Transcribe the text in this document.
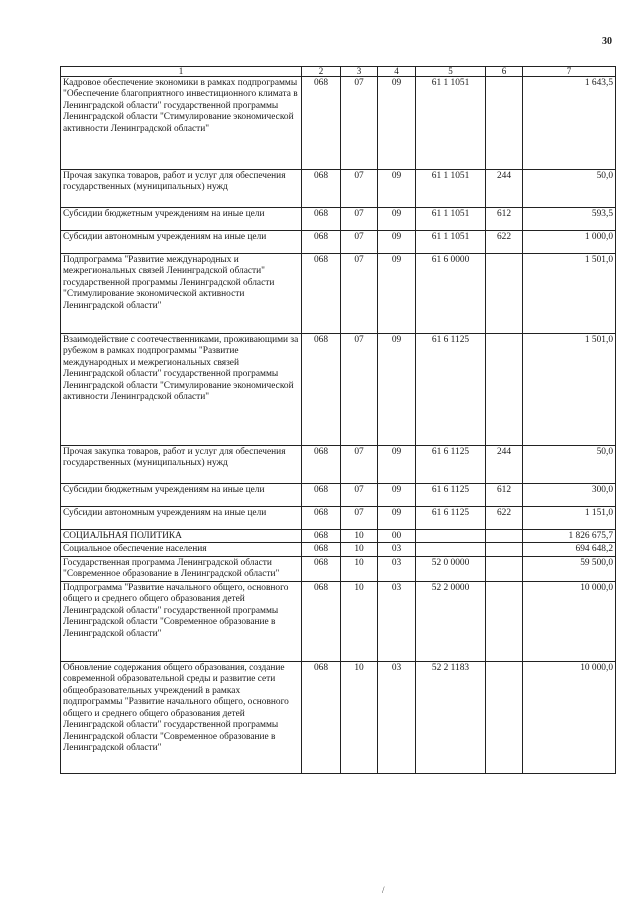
30
1	2	3	4	5	6	7
Кадровое обеспечение экономики в рамках подпрограммы "Обеспечение благоприятного инвестиционного климата в Ленинградской области" государственной программы Ленинградской области "Стимулирование экономической активности Ленинградской области"	068	07	09	61 1 1051		1 643,5
Прочая закупка товаров, работ и услуг для обеспечения государственных (муниципальных) нужд	068	07	09	61 1 1051	244	50,0
Субсидии бюджетным учреждениям на иные цели	068	07	09	61 1 1051	612	593,5
Субсидии автономным учреждениям на иные цели	068	07	09	61 1 1051	622	1 000,0
Подпрограмма "Развитие международных и межрегиональных связей Ленинградской области" государственной программы Ленинградской области "Стимулирование экономической активности Ленинградской области"	068	07	09	61 6 0000		1 501,0
Взаимодействие с соотечественниками, проживающими за рубежом в рамках подпрограммы "Развитие международных и межрегиональных связей Ленинградской области" государственной программы Ленинградской области "Стимулирование экономической активности Ленинградской области"	068	07	09	61 6 1125		1 501,0
Прочая закупка товаров, работ и услуг для обеспечения государственных (муниципальных) нужд	068	07	09	61 6 1125	244	50,0
Субсидии бюджетным учреждениям на иные цели	068	07	09	61 6 1125	612	300,0
Субсидии автономным учреждениям на иные цели	068	07	09	61 6 1125	622	1 151,0
СОЦИАЛЬНАЯ ПОЛИТИКА	068	10	00			1 826 675,7
Социальное обеспечение населения	068	10	03			694 648,2
Государственная программа Ленинградской области "Современное образование в Ленинградской области"	068	10	03	52 0 0000		59 500,0
Подпрограмма "Развитие начального общего, основного общего и среднего общего образования детей Ленинградской области" государственной программы Ленинградской области "Современное образование в Ленинградской области"	068	10	03	52 2 0000		10 000,0
Обновление содержания общего образования, создание современной образовательной среды и развитие сети общеобразовательных учреждений в рамках подпрограммы "Развитие начального общего, основного общего и среднего общего образования детей Ленинградской области" государственной программы Ленинградской области "Современное образование в Ленинградской области"	068	10	03	52 2 1183		10 000,0
/
